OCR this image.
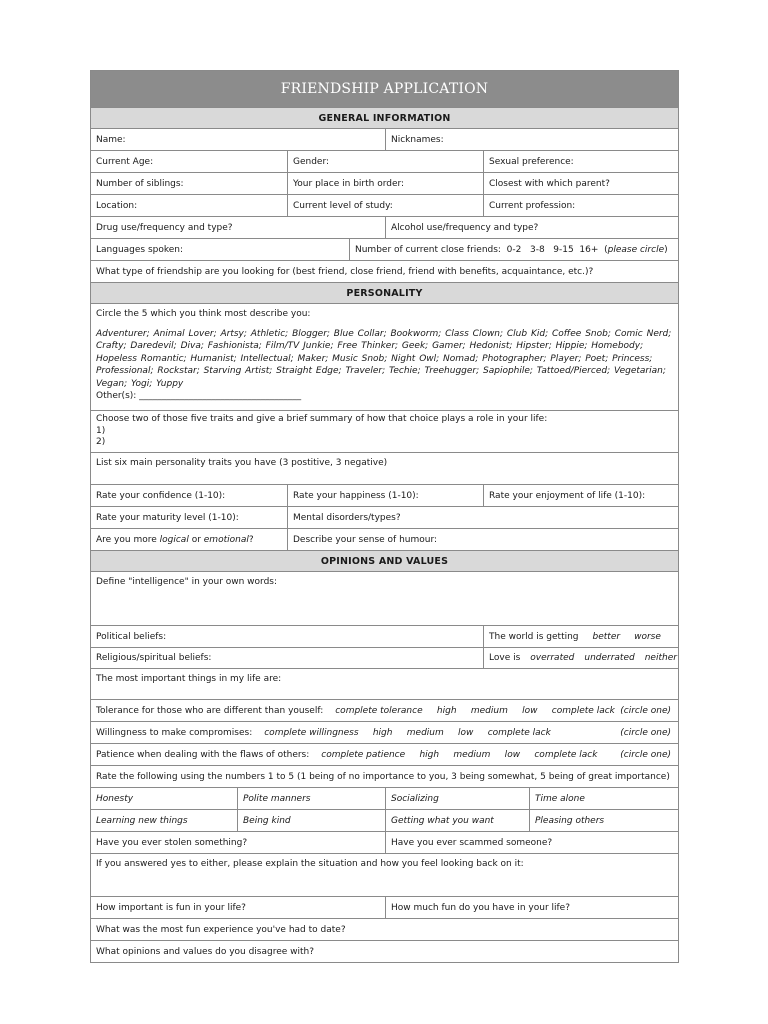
FRIENDSHIP APPLICATION
GENERAL INFORMATION
Name:	Nicknames:
Current Age:	Gender:	Sexual preference:
Number of siblings:	Your place in birth order:	Closest with which parent?
Location:	Current level of study:	Current profession:
Drug use/frequency and type?	Alcohol use/frequency and type?
Languages spoken:	Number of current close friends:  0-2   3-8   9-15  16+  ( please circle )
What type of friendship are you looking for (best friend, close friend, friend with benefits, acquaintance, etc.)?
PERSONALITY
Circle the 5 which you think most describe you:
Adventurer; Animal Lover; Artsy; Athletic; Blogger; Blue Collar; Bookworm; Class Clown; Club Kid; Coffee Snob; Comic Nerd; Crafty; Daredevil; Diva; Fashionista; Film/TV Junkie; Free Thinker; Geek; Gamer; Hedonist; Hipster; Hippie; Homebody; Hopeless Romantic; Humanist; Intellectual; Maker; Music Snob; Night Owl; Nomad; Photographer; Player; Poet; Princess; Professional; Rockstar; Starving Artist; Straight Edge; Traveler; Techie; Treehugger; Sapiophile; Tattoed/Pierced; Vegetarian; Vegan; Yogi; Yuppy
Other(s): ____________________________________
Choose two of those five traits and give a brief summary of how that choice plays a role in your life:
1)
2)
List six main personality traits you have (3 postitive, 3 negative)
Rate your confidence (1-10):	Rate your happiness (1-10):	Rate your enjoyment of life (1-10):
Rate your maturity level (1-10):	Mental disorders/types?
Are you more logical or emotional ?	Describe your sense of humour:
OPINIONS AND VALUES
Define "intelligence" in your own words:
Political beliefs:	The world is getting better worse
Religious/spiritual beliefs:	Love is overrated underrated neither
The most important things in my life are:
Tolerance for those who are different than youself: complete tolerance     high     medium     low     complete lack (circle one)
Willingness to make compromises: complete willingness     high     medium     low     complete lack	(circle one)
Patience when dealing with the flaws of others: complete patience     high     medium     low     complete lack	(circle one)
Rate the following using the numbers 1 to 5 (1 being of no importance to you, 3 being somewhat, 5 being of great importance)
Honesty	Polite manners	Socializing	Time alone
Learning new things	Being kind	Getting what you want	Pleasing others
Have you ever stolen something?	Have you ever scammed someone?
If you answered yes to either, please explain the situation and how you feel looking back on it:
How important is fun in your life?	How much fun do you have in your life?
What was the most fun experience you've had to date?
What opinions and values do you disagree with?
